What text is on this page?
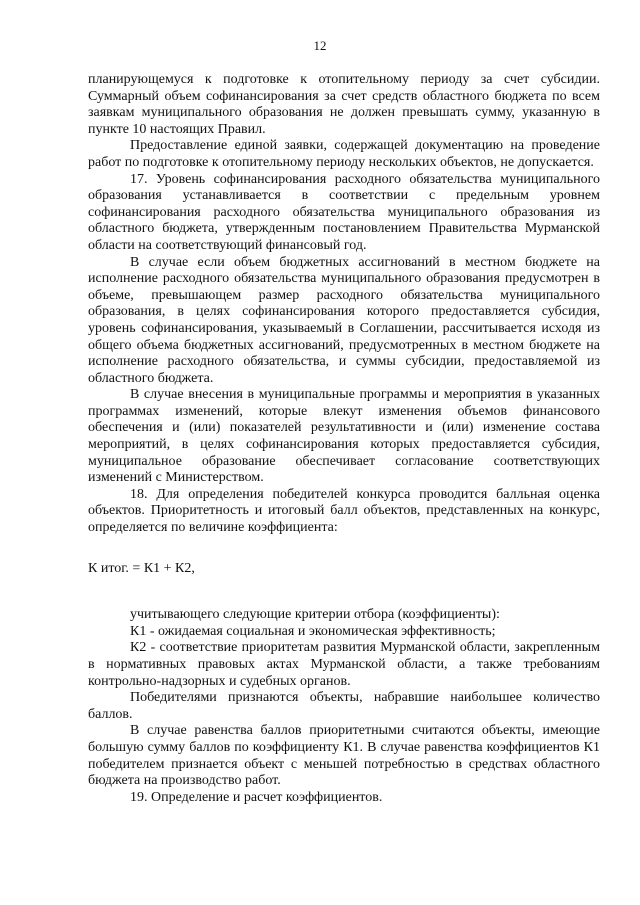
12

планирующемуся к подготовке к отопительному периоду за счет субсидии. Суммарный объем софинансирования за счет средств областного бюджета по всем заявкам муниципального образования не должен превышать сумму, указанную в пункте 10 настоящих Правил.

Предоставление единой заявки, содержащей документацию на проведение работ по подготовке к отопительному периоду нескольких объектов, не допускается.

17. Уровень софинансирования расходного обязательства муниципального образования устанавливается в соответствии с предельным уровнем софинансирования расходного обязательства муниципального образования из областного бюджета, утвержденным постановлением Правительства Мурманской области на соответствующий финансовый год.

В случае если объем бюджетных ассигнований в местном бюджете на исполнение расходного обязательства муниципального образования предусмотрен в объеме, превышающем размер расходного обязательства муниципального образования, в целях софинансирования которого предоставляется субсидия, уровень софинансирования, указываемый в Соглашении, рассчитывается исходя из общего объема бюджетных ассигнований, предусмотренных в местном бюджете на исполнение расходного обязательства, и суммы субсидии, предоставляемой из областного бюджета.

В случае внесения в муниципальные программы и мероприятия в указанных программах изменений, которые влекут изменения объемов финансового обеспечения и (или) показателей результативности и (или) изменение состава мероприятий, в целях софинансирования которых предоставляется субсидия, муниципальное образование обеспечивает согласование соответствующих изменений с Министерством.

18. Для определения победителей конкурса проводится балльная оценка объектов. Приоритетность и итоговый балл объектов, представленных на конкурс, определяется по величине коэффициента:

К итог. = К1 + К2,

учитывающего следующие критерии отбора (коэффициенты):

К1 - ожидаемая социальная и экономическая эффективность;

К2 - соответствие приоритетам развития Мурманской области, закрепленным в нормативных правовых актах Мурманской области, а также требованиям контрольно-надзорных и судебных органов.

Победителями признаются объекты, набравшие наибольшее количество баллов.

В случае равенства баллов приоритетными считаются объекты, имеющие большую сумму баллов по коэффициенту К1. В случае равенства коэффициентов К1 победителем признается объект с меньшей потребностью в средствах областного бюджета на производство работ.

19. Определение и расчет коэффициентов.
